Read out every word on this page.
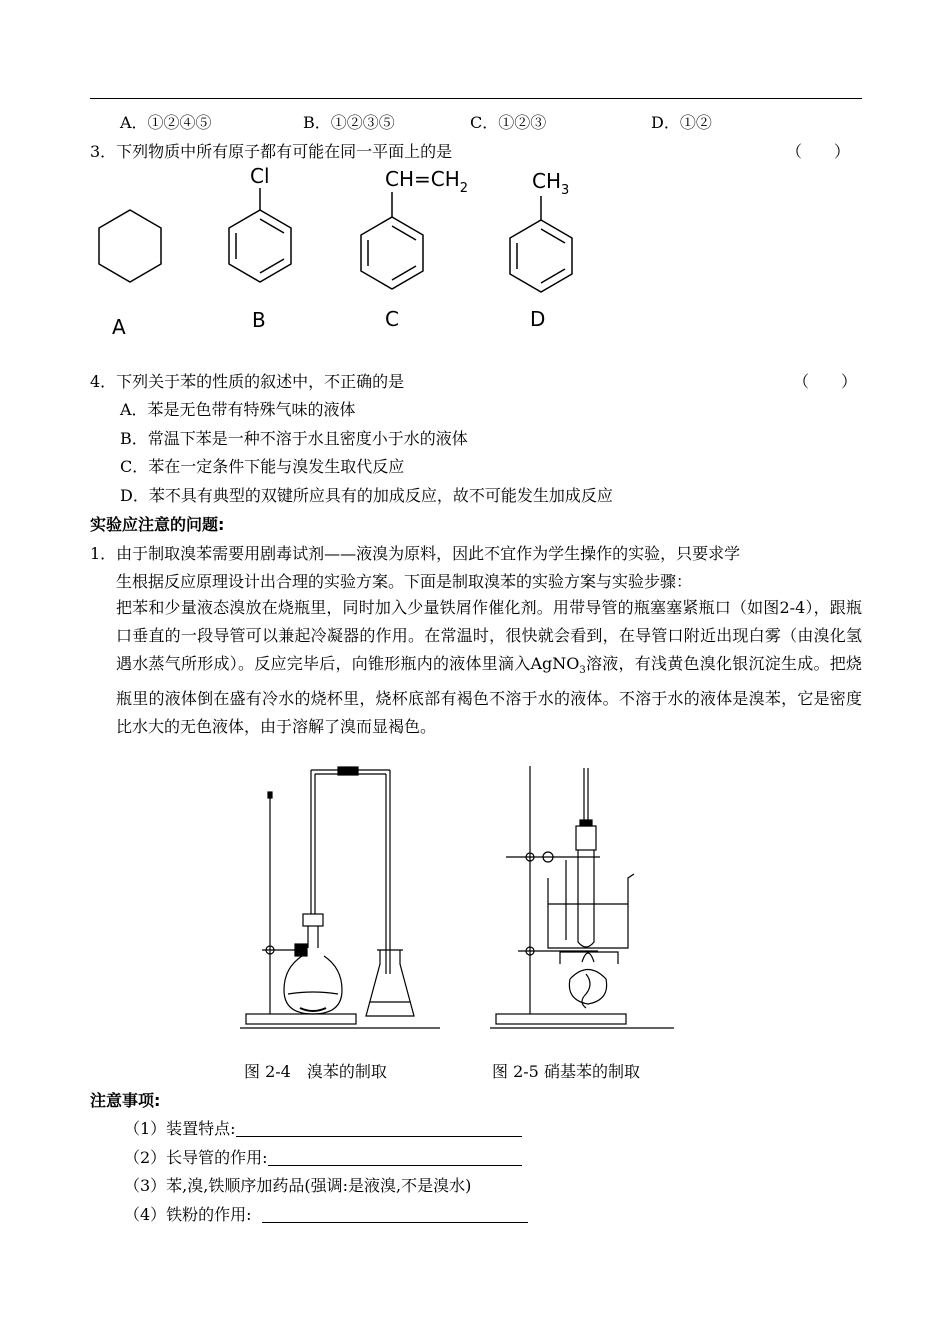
A．①②④⑤	B．①②③⑤	C．①②③	D．①②
3．下列物质中所有原子都有可能在同一平面上的是	（　　）
A
Cl
B
$CH=CH_2$
C
$CH_3$
D
4．下列关于苯的性质的叙述中，不正确的是	（　　）
A．苯是无色带有特殊气味的液体
B．常温下苯是一种不溶于水且密度小于水的液体
C．苯在一定条件下能与溴发生取代反应
D．苯不具有典型的双键所应具有的加成反应，故不可能发生加成反应
实验应注意的问题:
1．由于制取溴苯需要用剧毒试剂——液溴为原料，因此不宜作为学生操作的实验，只要求学
生根据反应原理设计出合理的实验方案。下面是制取溴苯的实验方案与实验步骤：
把苯和少量液态溴放在烧瓶里，同时加入少量铁屑作催化剂。用带导管的瓶塞塞紧瓶口（如图2-4），跟瓶口垂直的一段导管可以兼起冷凝器的作用。在常温时，很快就会看到，在导管口附近出现白雾（由溴化氢遇水蒸气所形成）。反应完毕后，向锥形瓶内的液体里滴入AgNO$_3$溶液，有浅黄色溴化银沉淀生成。把烧瓶里的液体倒在盛有冷水的烧杯里，烧杯底部有褐色不溶于水的液体。不溶于水的液体是溴苯，它是密度比水大的无色液体，由于溶解了溴而显褐色。
图 2-4　溴苯的制取	图 2-5 硝基苯的制取
注意事项:
（1）装置特点:
（2）长导管的作用:
（3）苯,溴,铁顺序加药品(强调:是液溴,不是溴水)
（4）铁粉的作用:
